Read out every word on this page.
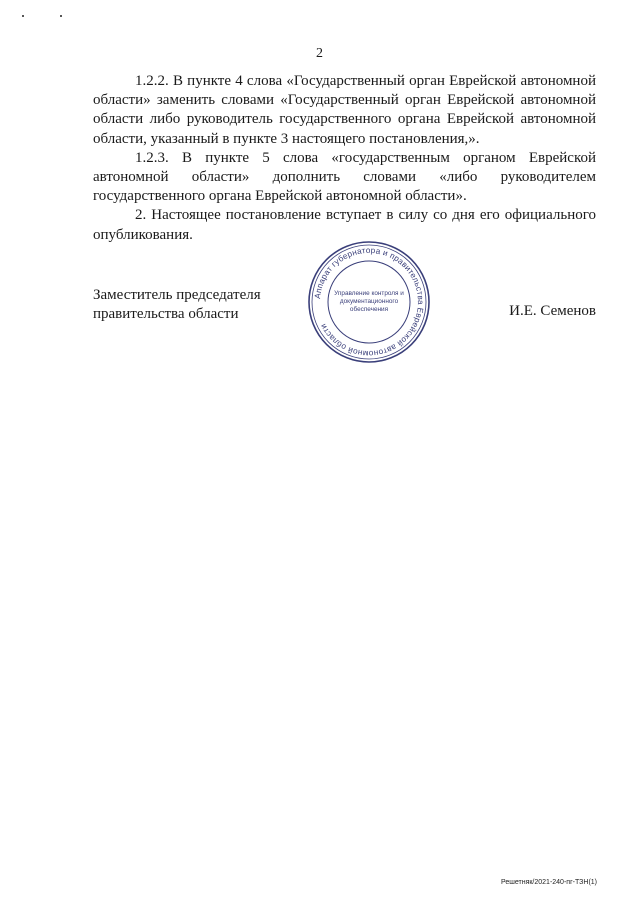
2

1.2.2. В пункте 4 слова «Государственный орган Еврейской автономной области» заменить словами «Государственный орган Еврейской автономной области либо руководитель государственного органа Еврейской автономной области, указанный в пункте 3 настоящего постановления,».

1.2.3. В пункте 5 слова «государственным органом Еврейской автономной области» дополнить словами «либо руководителем государственного органа Еврейской автономной области».

2. Настоящее постановление вступает в силу со дня его официального опубликования.

Заместитель председателя
правительства области
Аппарат губернатора и правительства Еврейской автономной области
Управление контроля и
документационного
обеспечения	И.Е. Семенов
Решетняк/2021-240-пг-ТЗН(1)
